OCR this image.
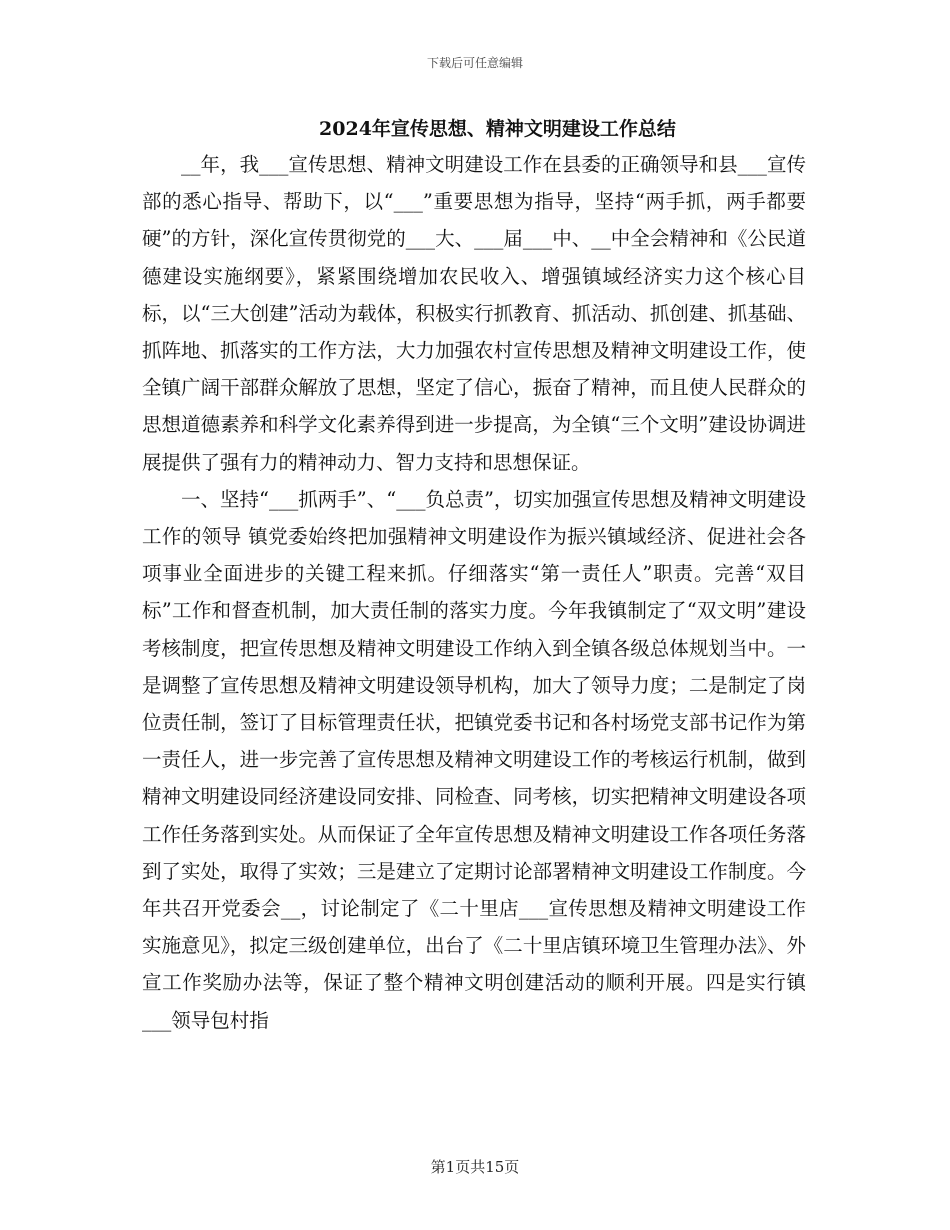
下载后可任意编辑
2024年宣传思想、精神文明建设工作总结

__年，我___宣传思想、精神文明建设工作在县委的正确领导和县___宣传部的悉心指导、帮助下，以“___”重要思想为指导，坚持“两手抓，两手都要硬”的方针，深化宣传贯彻党的___大、___届___中、__中全会精神和《公民道德建设实施纲要》，紧紧围绕增加农民收入、增强镇域经济实力这个核心目标，以“三大创建”活动为载体，积极实行抓教育、抓活动、抓创建、抓基础、抓阵地、抓落实的工作方法，大力加强农村宣传思想及精神文明建设工作，使全镇广阔干部群众解放了思想，坚定了信心，振奋了精神，而且使人民群众的思想道德素养和科学文化素养得到进一步提高，为全镇“三个文明”建设协调进展提供了强有力的精神动力、智力支持和思想保证。

一、坚持“___抓两手”、“___负总责”，切实加强宣传思想及精神文明建设工作的领导 镇党委始终把加强精神文明建设作为振兴镇域经济、促进社会各项事业全面进步的关键工程来抓。仔细落实“第一责任人”职责。完善“双目标”工作和督查机制，加大责任制的落实力度。今年我镇制定了“双文明”建设考核制度，把宣传思想及精神文明建设工作纳入到全镇各级总体规划当中。一是调整了宣传思想及精神文明建设领导机构，加大了领导力度；二是制定了岗位责任制，签订了目标管理责任状，把镇党委书记和各村场党支部书记作为第一责任人，进一步完善了宣传思想及精神文明建设工作的考核运行机制，做到精神文明建设同经济建设同安排、同检查、同考核，切实把精神文明建设各项工作任务落到实处。从而保证了全年宣传思想及精神文明建设工作各项任务落到了实处，取得了实效；三是建立了定期讨论部署精神文明建设工作制度。今年共召开党委会__，讨论制定了《二十里店___宣传思想及精神文明建设工作实施意见》，拟定三级创建单位，出台了《二十里店镇环境卫生管理办法》、外宣工作奖励办法等，保证了整个精神文明创建活动的顺利开展。四是实行镇___领导包村指

第1页共15页
